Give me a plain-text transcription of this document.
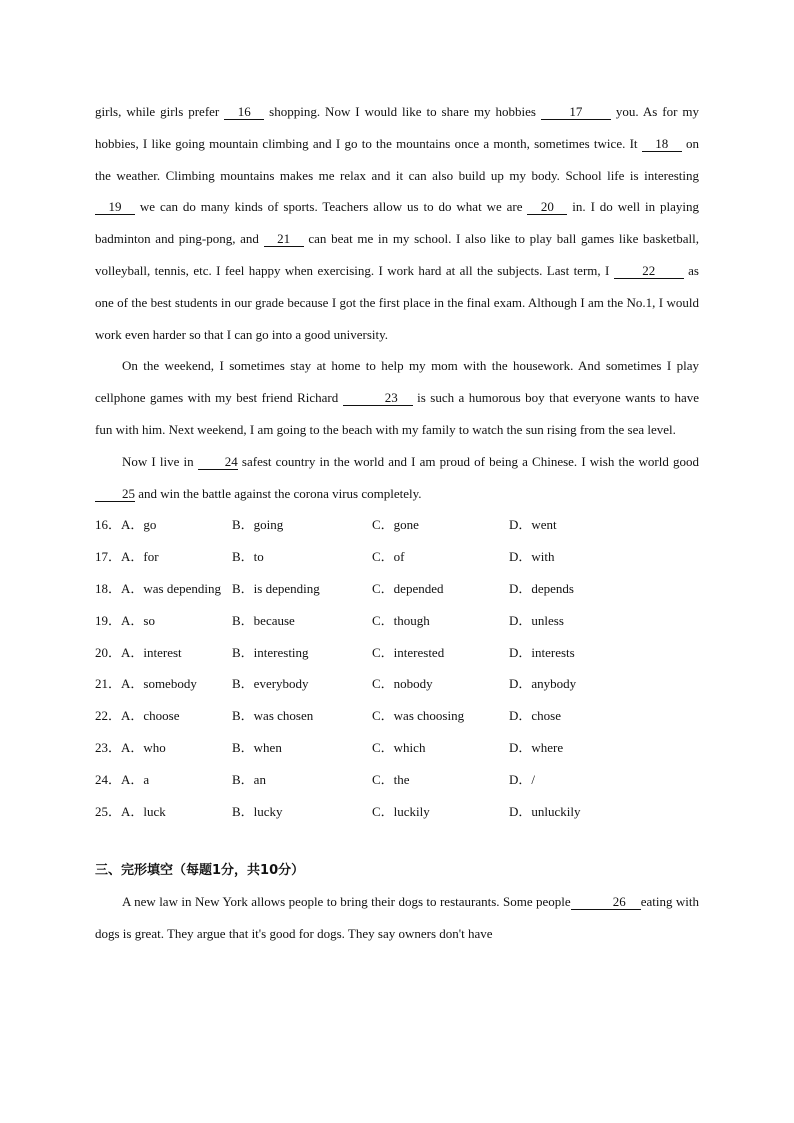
girls, while girls prefer 16 shopping. Now I would like to share my hobbies 17 you. As for my hobbies, I like going mountain climbing and I go to the mountains once a month, sometimes twice. It 18 on the weather. Climbing mountains makes me relax and it can also build up my body. School life is interesting 19 we can do many kinds of sports. Teachers allow us to do what we are 20 in. I do well in playing badminton and ping-pong, and 21 can beat me in my school. I also like to play ball games like basketball, volleyball, tennis, etc. I feel happy when exercising. I work hard at all the subjects. Last term, I 22 as one of the best students in our grade because I got the first place in the final exam. Although I am the No.1, I would work even harder so that I can go into a good university.

On the weekend, I sometimes stay at home to help my mom with the housework. And sometimes I play cellphone games with my best friend Richard	23 is such a humorous boy that everyone wants to have fun with him. Next weekend, I am going to the beach with my family to watch the sun rising from the sea level.

Now I live in 24 safest country in the world and I am proud of being a Chinese. I wish the world good 25 and win the battle against the corona virus completely.

16．A．go	B．going	C．gone	D．went
17．A．for	B．to	C．of	D．with
18．A．was depending B．is depending	C．depended	D．depends
19．A．so	B．because	C．though	D．unless
20．A．interest	B．interesting	C．interested	D．interests
21．A．somebody	B．everybody	C．nobody	D．anybody
22．A．choose	B．was chosen	C．was choosing	D．chose
23．A．who	B．when	C．which	D．where
24．A．a	B．an	C．the	D．/
25．A．luck	B．lucky	C．luckily	D．unluckily
三、完形填空（每题1分，共10分）

A new law in New York allows people to bring their dogs to restaurants. Some people	26 eating with dogs is great. They argue that it's good for dogs. They say owners don't have
